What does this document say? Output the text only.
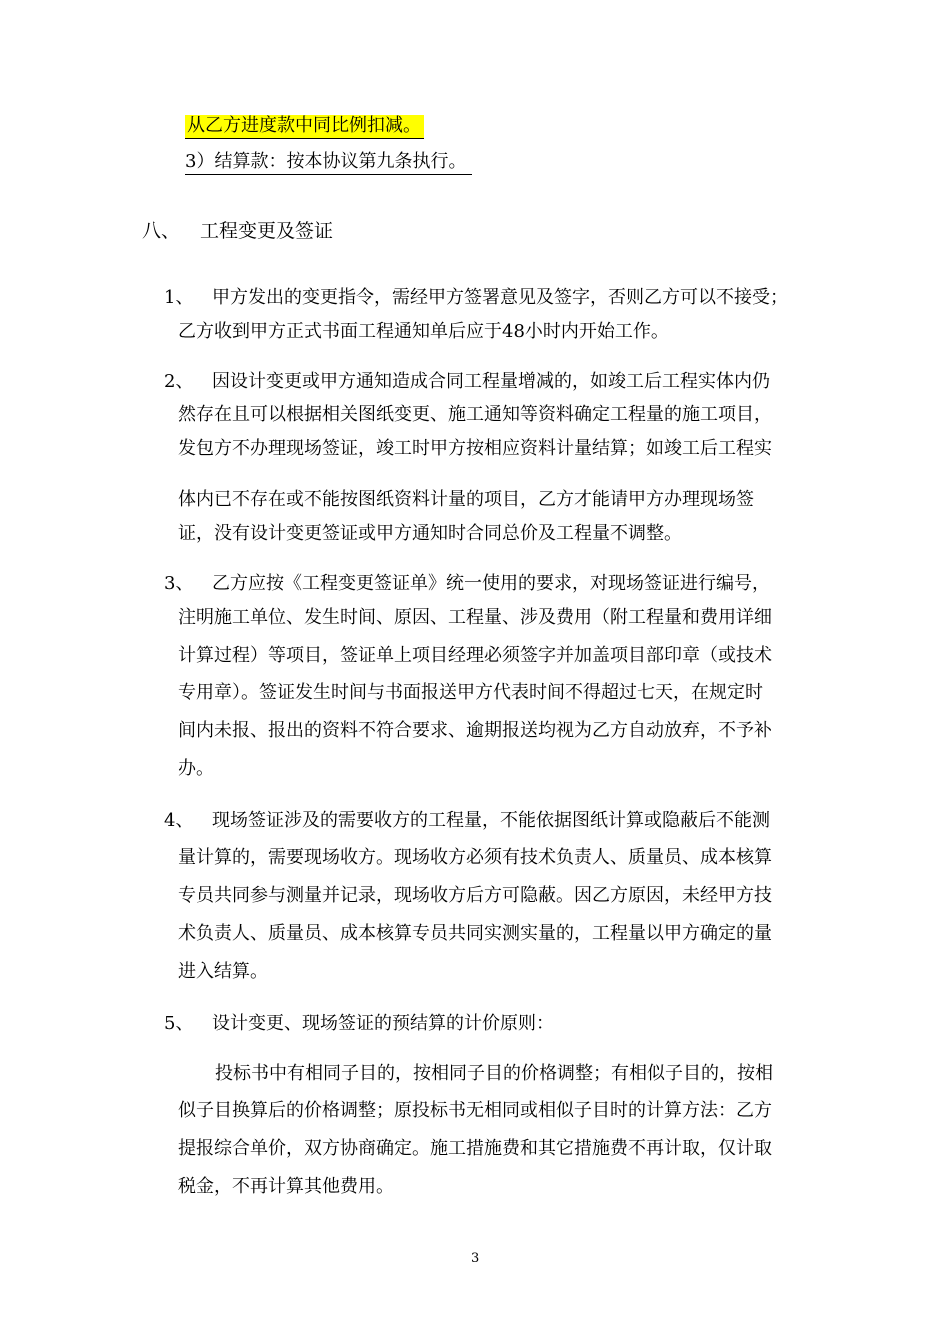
从乙方进度款中同比例扣减。
3）结算款：按本协议第九条执行。
八、 工程变更及签证
1、 甲方发出的变更指令，需经甲方签署意见及签字，否则乙方可以不接受；
乙方收到甲方正式书面工程通知单后应于48小时内开始工作。
2、 因设计变更或甲方通知造成合同工程量增减的，如竣工后工程实体内仍
然存在且可以根据相关图纸变更、施工通知等资料确定工程量的施工项目，
发包方不办理现场签证，竣工时甲方按相应资料计量结算；如竣工后工程实
体内已不存在或不能按图纸资料计量的项目，乙方才能请甲方办理现场签
证，没有设计变更签证或甲方通知时合同总价及工程量不调整。
3、 乙方应按《工程变更签证单》统一使用的要求，对现场签证进行编号，
注明施工单位、发生时间、原因、工程量、涉及费用（附工程量和费用详细
计算过程）等项目，签证单上项目经理必须签字并加盖项目部印章（或技术
专用章）。签证发生时间与书面报送甲方代表时间不得超过七天，在规定时
间内未报、报出的资料不符合要求、逾期报送均视为乙方自动放弃，不予补
办。
4、 现场签证涉及的需要收方的工程量，不能依据图纸计算或隐蔽后不能测
量计算的，需要现场收方。现场收方必须有技术负责人、质量员、成本核算
专员共同参与测量并记录，现场收方后方可隐蔽。因乙方原因，未经甲方技
术负责人、质量员、成本核算专员共同实测实量的，工程量以甲方确定的量
进入结算。
5、 设计变更、现场签证的预结算的计价原则：
投标书中有相同子目的，按相同子目的价格调整；有相似子目的，按相
似子目换算后的价格调整；原投标书无相同或相似子目时的计算方法：乙方
提报综合单价，双方协商确定。施工措施费和其它措施费不再计取，仅计取
税金，不再计算其他费用。
3
